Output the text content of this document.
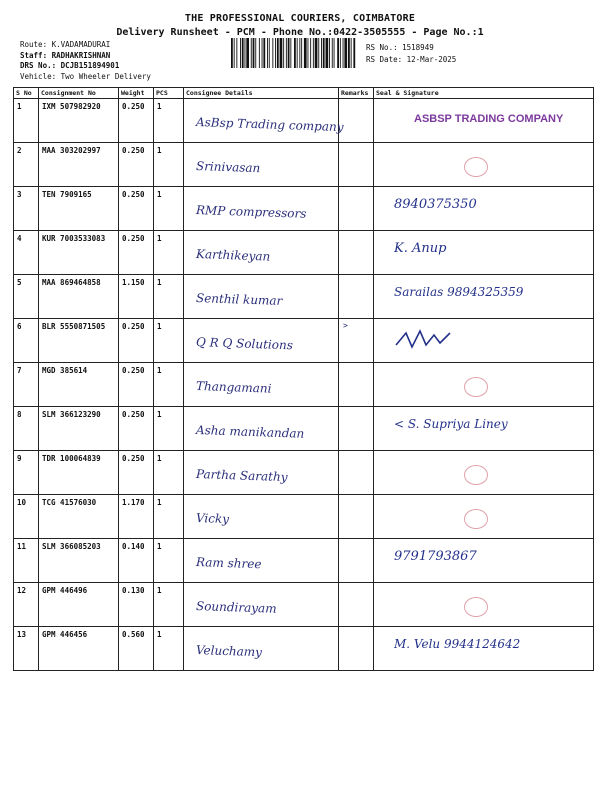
THE PROFESSIONAL COURIERS, COIMBATORE
Delivery Runsheet - PCM - Phone No.:0422-3505555 - Page No.:1
Route: K.VADAMADURAI
Staff: RADHAKRISHNAN
DRS No.: DCJB151894901
Vehicle: Two Wheeler Delivery
RS No.: 1518949
RS Date: 12-Mar-2025
S No	Consignment No	Weight	PCS	Consignee Details	Remarks	Seal & Signature
1	IXM 507982920	0.250	1	AsBsp Trading company		ASBSP TRADING COMPANY

2	MAA 303202997	0.250	1	Srinivasan		

3	TEN 7909165	0.250	1	RMP compressors		8940375350

4	KUR 7003533083	0.250	1	Karthikeyan		K. Anup

5	MAA 869464858	1.150	1	Senthil kumar		Sarailas 9894325359

6	BLR 5550871505	0.250	1	Q R Q Solutions	>

7	MGD 385614	0.250	1	Thangamani		

8	SLM 366123290	0.250	1	Asha manikandan		< S. Supriya Liney

9	TDR 100064839	0.250	1	Partha Sarathy		

10	TCG 41576030	1.170	1	Vicky		

11	SLM 366085203	0.140	1	Ram shree		9791793867

12	GPM 446496	0.130	1	Soundirayam		

13	GPM 446456	0.560	1	Veluchamy		M. Velu 9944124642
